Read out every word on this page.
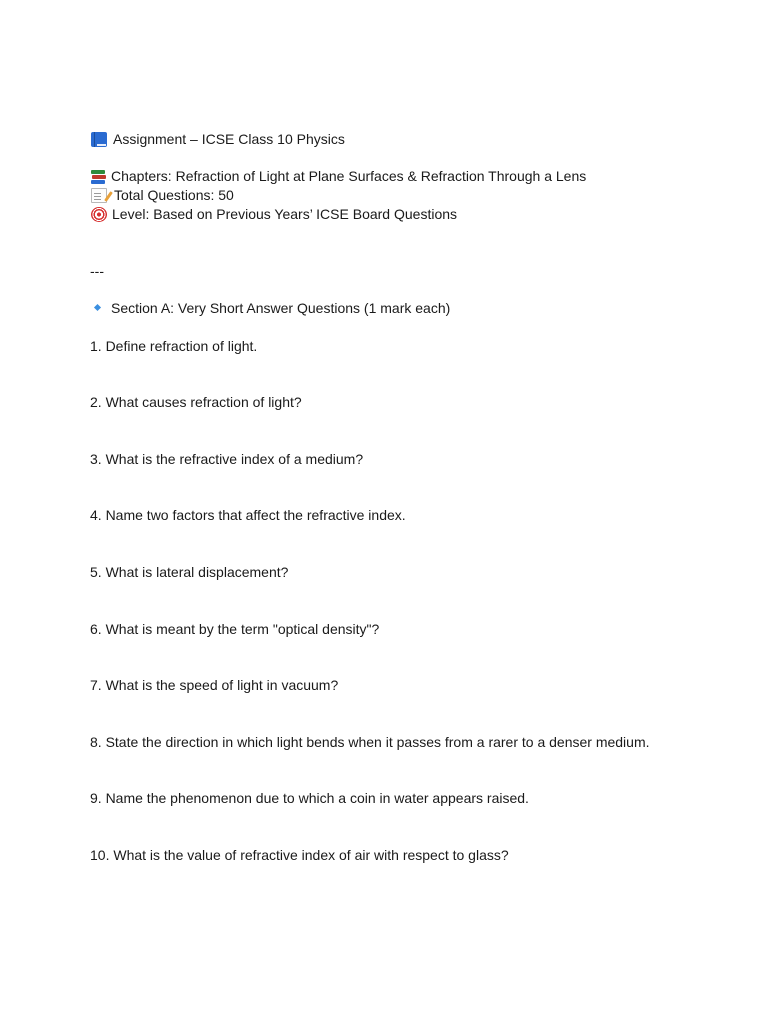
Assignment – ICSE Class 10 Physics
Chapters: Refraction of Light at Plane Surfaces & Refraction Through a Lens
Total Questions: 50
Level: Based on Previous Years’ ICSE Board Questions
---
Section A: Very Short Answer Questions (1 mark each)
1. Define refraction of light.
2. What causes refraction of light?
3. What is the refractive index of a medium?
4. Name two factors that affect the refractive index.
5. What is lateral displacement?
6. What is meant by the term "optical density"?
7. What is the speed of light in vacuum?
8. State the direction in which light bends when it passes from a rarer to a denser medium.
9. Name the phenomenon due to which a coin in water appears raised.
10. What is the value of refractive index of air with respect to glass?
